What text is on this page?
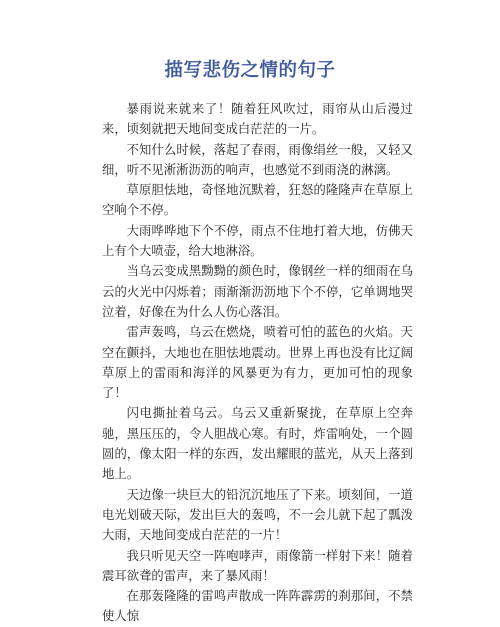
描写悲伤之情的句子

暴雨说来就来了！随着狂风吹过，雨帘从山后漫过来，顷刻就把天地间变成白茫茫的一片。

不知什么时候，落起了春雨，雨像绢丝一般，又轻又细，听不见淅淅沥沥的响声，也感觉不到雨浇的淋漓。

草原胆怯地，奇怪地沉默着，狂怒的隆隆声在草原上空响个不停。

大雨哗哗地下个不停，雨点不住地打着大地，仿佛天上有个大喷壶，给大地淋浴。

当乌云变成黑黝黝的颜色时，像钢丝一样的细雨在乌云的火光中闪烁着；雨渐渐沥沥地下个不停，它单调地哭泣着，好像在为什么人伤心落泪。

雷声轰鸣，乌云在燃烧，喷着可怕的蓝色的火焰。天空在颤抖，大地也在胆怯地震动。世界上再也没有比辽阔草原上的雷雨和海洋的风暴更为有力，更加可怕的现象了！

闪电撕扯着乌云。乌云又重新聚拢，在草原上空奔驰，黑压压的，令人胆战心寒。有时，炸雷响处，一个圆圆的，像太阳一样的东西，发出耀眼的蓝光，从天上落到地上。

天边像一块巨大的铅沉沉地压了下来。顷刻间，一道电光划破天际，发出巨大的轰鸣，不一会儿就下起了瓢泼大雨，天地间变成白茫茫的一片！

我只听见天空一阵咆哮声，雨像箭一样射下来！随着震耳欲聋的雷声，来了暴风雨！

在那轰隆隆的雷鸣声散成一阵阵霹雳的刹那间，不禁使人惊
